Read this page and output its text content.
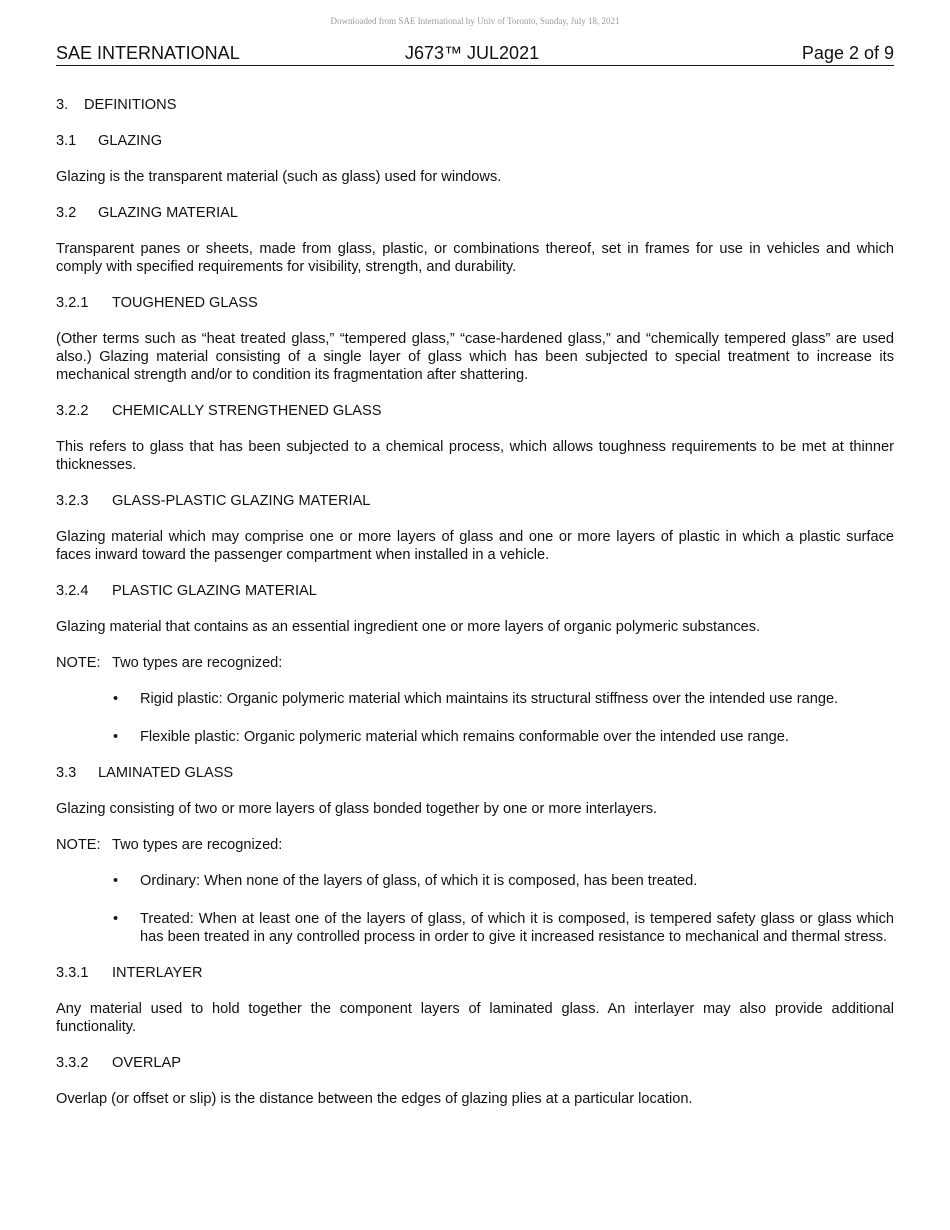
Downloaded from SAE International by Univ of Toronto, Sunday, July 18, 2021
SAE INTERNATIONAL	J673™ JUL2021	Page 2 of 9
3. DEFINITIONS
3.1 GLAZING

Glazing is the transparent material (such as glass) used for windows.

3.2 GLAZING MATERIAL

Transparent panes or sheets, made from glass, plastic, or combinations thereof, set in frames for use in vehicles and which comply with specified requirements for visibility, strength, and durability.

3.2.1 TOUGHENED GLASS

(Other terms such as “heat treated glass,” “tempered glass,” “case-hardened glass,” and “chemically tempered glass” are used also.) Glazing material consisting of a single layer of glass which has been subjected to special treatment to increase its mechanical strength and/or to condition its fragmentation after shattering.

3.2.2 CHEMICALLY STRENGTHENED GLASS

This refers to glass that has been subjected to a chemical process, which allows toughness requirements to be met at thinner thicknesses.

3.2.3 GLASS-PLASTIC GLAZING MATERIAL

Glazing material which may comprise one or more layers of glass and one or more layers of plastic in which a plastic surface faces inward toward the passenger compartment when installed in a vehicle.

3.2.4 PLASTIC GLAZING MATERIAL

Glazing material that contains as an essential ingredient one or more layers of organic polymeric substances.

NOTE: Two types are recognized:
• Rigid plastic: Organic polymeric material which maintains its structural stiffness over the intended use range.
• Flexible plastic: Organic polymeric material which remains conformable over the intended use range.
3.3 LAMINATED GLASS

Glazing consisting of two or more layers of glass bonded together by one or more interlayers.

NOTE: Two types are recognized:
• Ordinary: When none of the layers of glass, of which it is composed, has been treated.
• Treated: When at least one of the layers of glass, of which it is composed, is tempered safety glass or glass which has been treated in any controlled process in order to give it increased resistance to mechanical and thermal stress.
3.3.1 INTERLAYER

Any material used to hold together the component layers of laminated glass. An interlayer may also provide additional functionality.

3.3.2 OVERLAP

Overlap (or offset or slip) is the distance between the edges of glazing plies at a particular location.
